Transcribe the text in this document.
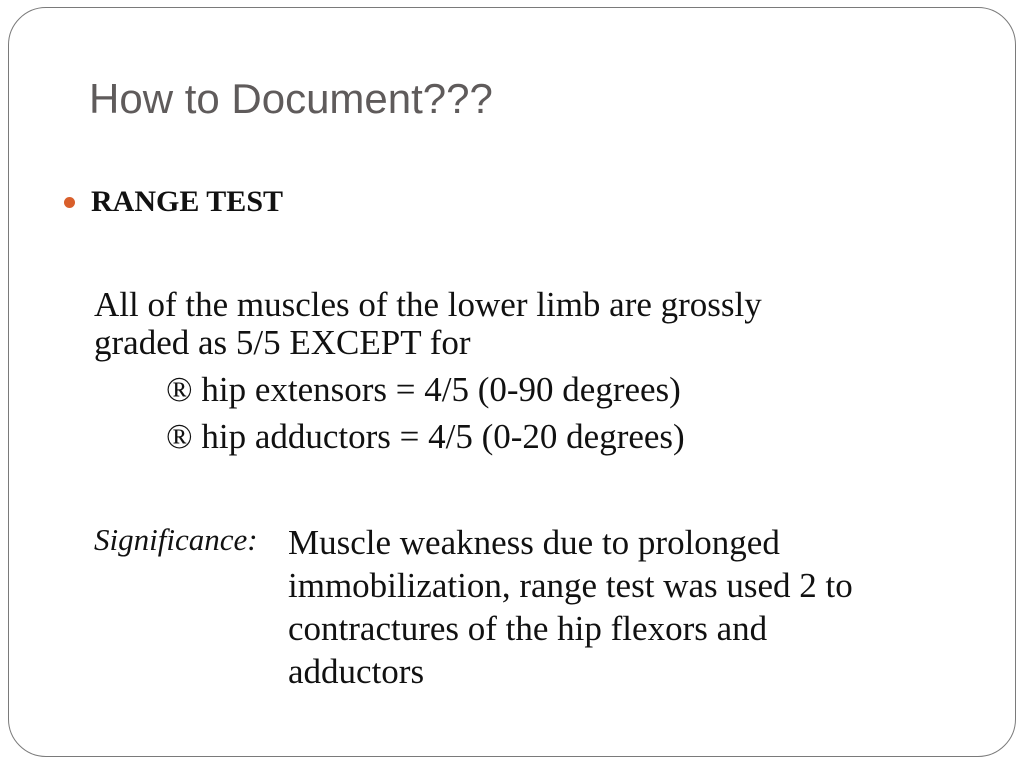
How to Document???
RANGE TEST

All of the muscles of the lower limb are grossly
graded as 5/5 EXCEPT for

® hip extensors = 4/5 (0-90 degrees)

® hip adductors = 4/5 (0-20 degrees)

Significance: Muscle weakness due to prolonged
immobilization, range test was used 2 to
contractures of the hip flexors and
adductors
